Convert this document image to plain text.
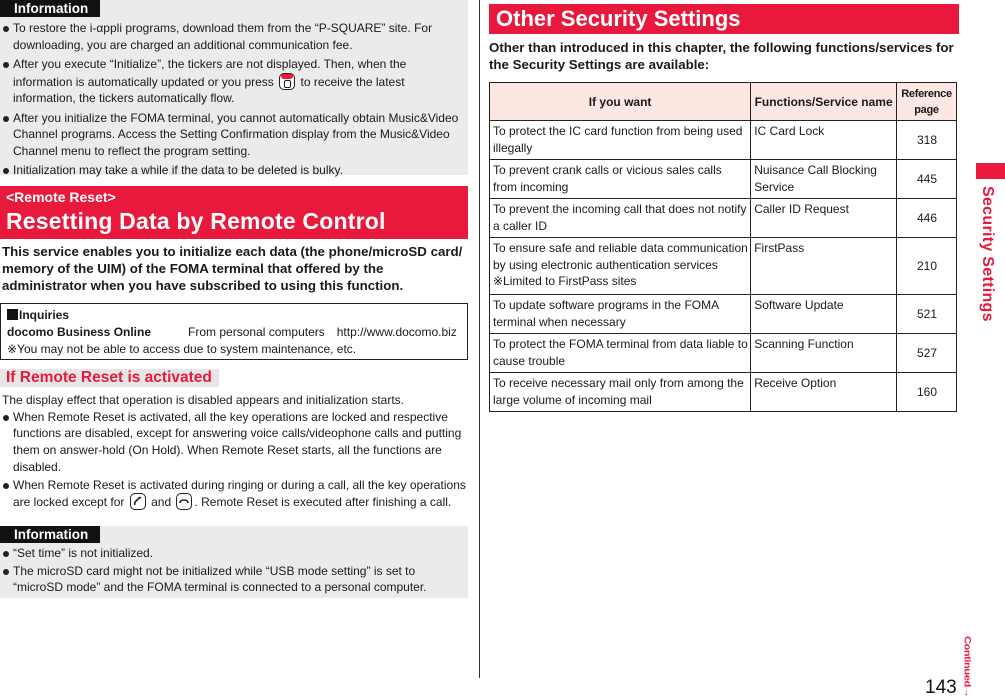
Information
To restore the i-αppli programs, download them from the “P-SQUARE” site. For downloading, you are charged an additional communication fee.
After you execute “Initialize”, the tickers are not displayed. Then, when the information is automatically updated or you press to receive the latest information, the tickers automatically flow.
After you initialize the FOMA terminal, you cannot automatically obtain Music&Video Channel programs. Access the Setting Confirmation display from the Music&Video Channel menu to reflect the program setting.
Initialization may take a while if the data to be deleted is bulky.
<Remote Reset>
Resetting Data by Remote Control

This service enables you to initialize each data (the phone/microSD card/ memory of the UIM) of the FOMA terminal that offered by the administrator when you have subscribed to using this function.

Inquiries
docomo Business Online	From personal computers http://www.docomo.biz
※You may not be able to access due to system maintenance, etc.
If Remote Reset is activated

The display effect that operation is disabled appears and initialization starts.

When Remote Reset is activated, all the key operations are locked and respective functions are disabled, except for answering voice calls/videophone calls and putting them on answer-hold (On Hold). When Remote Reset starts, all the functions are disabled.
When Remote Reset is activated during ringing or during a call, all the key operations are locked except for and . Remote Reset is executed after finishing a call.
Information
“Set time” is not initialized.
The microSD card might not be initialized while “USB mode setting” is set to “microSD mode” and the FOMA terminal is connected to a personal computer.
Other Security Settings

Other than introduced in this chapter, the following functions/services for the Security Settings are available:

If you want	Functions/Service name	Reference page
To protect the IC card function from being used illegally	IC Card Lock	318
To prevent crank calls or vicious sales calls from incoming	Nuisance Call Blocking Service	445
To prevent the incoming call that does not notify a caller ID	Caller ID Request	446

To ensure safe and reliable data communication by using electronic authentication services
※Limited to FirstPass sites	FirstPass	210
To update software programs in the FOMA terminal when necessary	Software Update	521
To protect the FOMA terminal from data liable to cause trouble	Scanning Function	527
To receive necessary mail only from among the large volume of incoming mail	Receive Option	160
Security Settings
Continued→
143
